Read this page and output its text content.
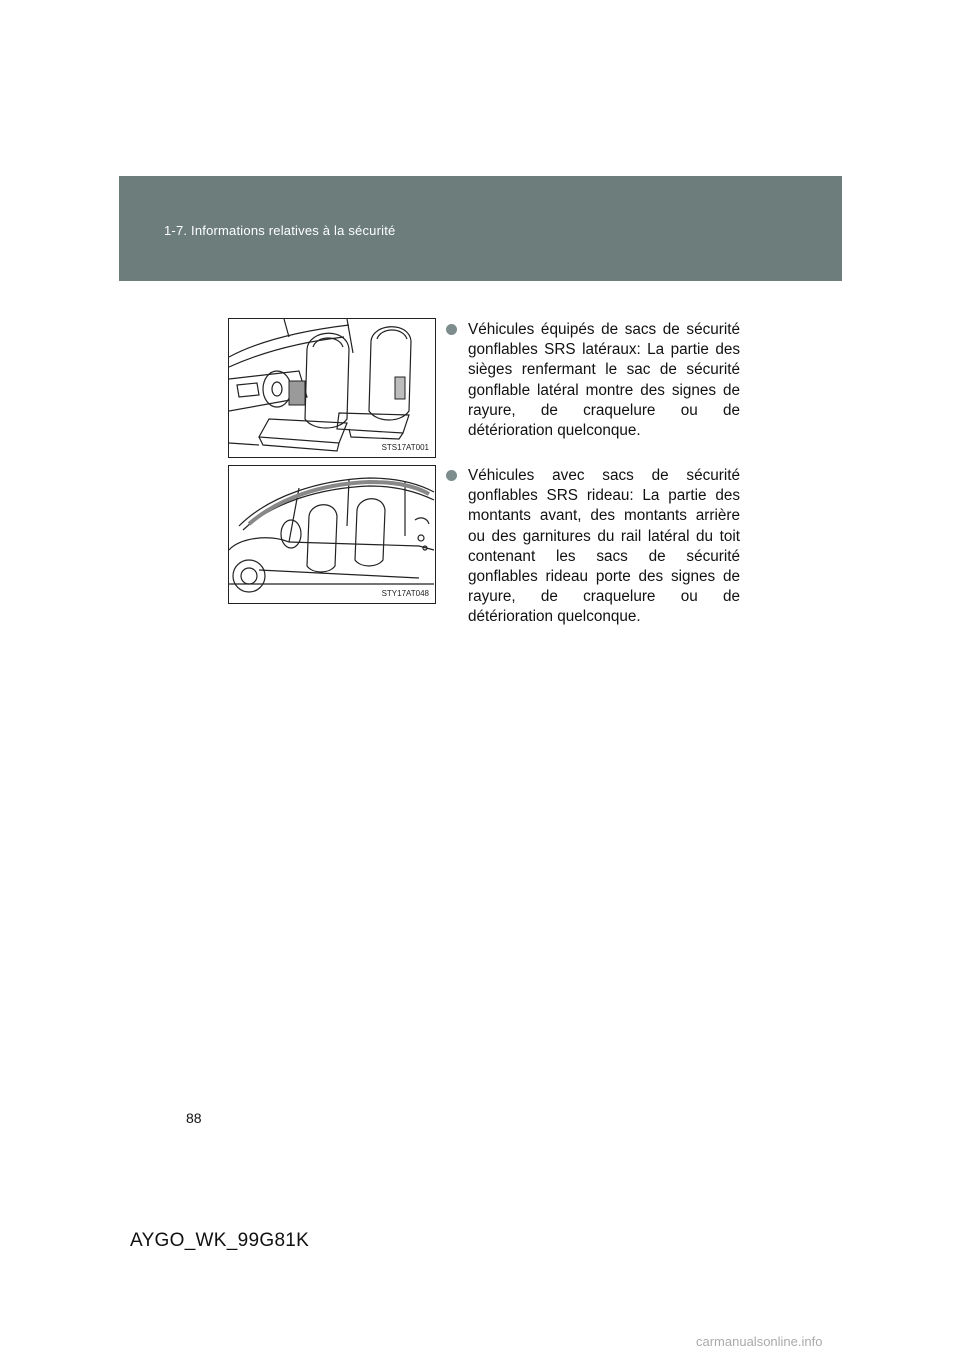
1-7. Informations relatives à la sécurité
STS17AT001
STY17AT048
Véhicules équipés de sacs de sécurité gonflables SRS latéraux: La partie des sièges renfermant le sac de sécurité gonflable latéral montre des signes de rayure, de craquelure ou de détérioration quelconque.
Véhicules avec sacs de sécurité gonflables SRS rideau: La partie des montants avant, des montants arrière ou des garnitures du rail latéral du toit contenant les sacs de sécurité gonflables rideau porte des signes de rayure, de craquelure ou de détérioration quelconque.
88
AYGO_WK_99G81K
carmanualsonline.info
